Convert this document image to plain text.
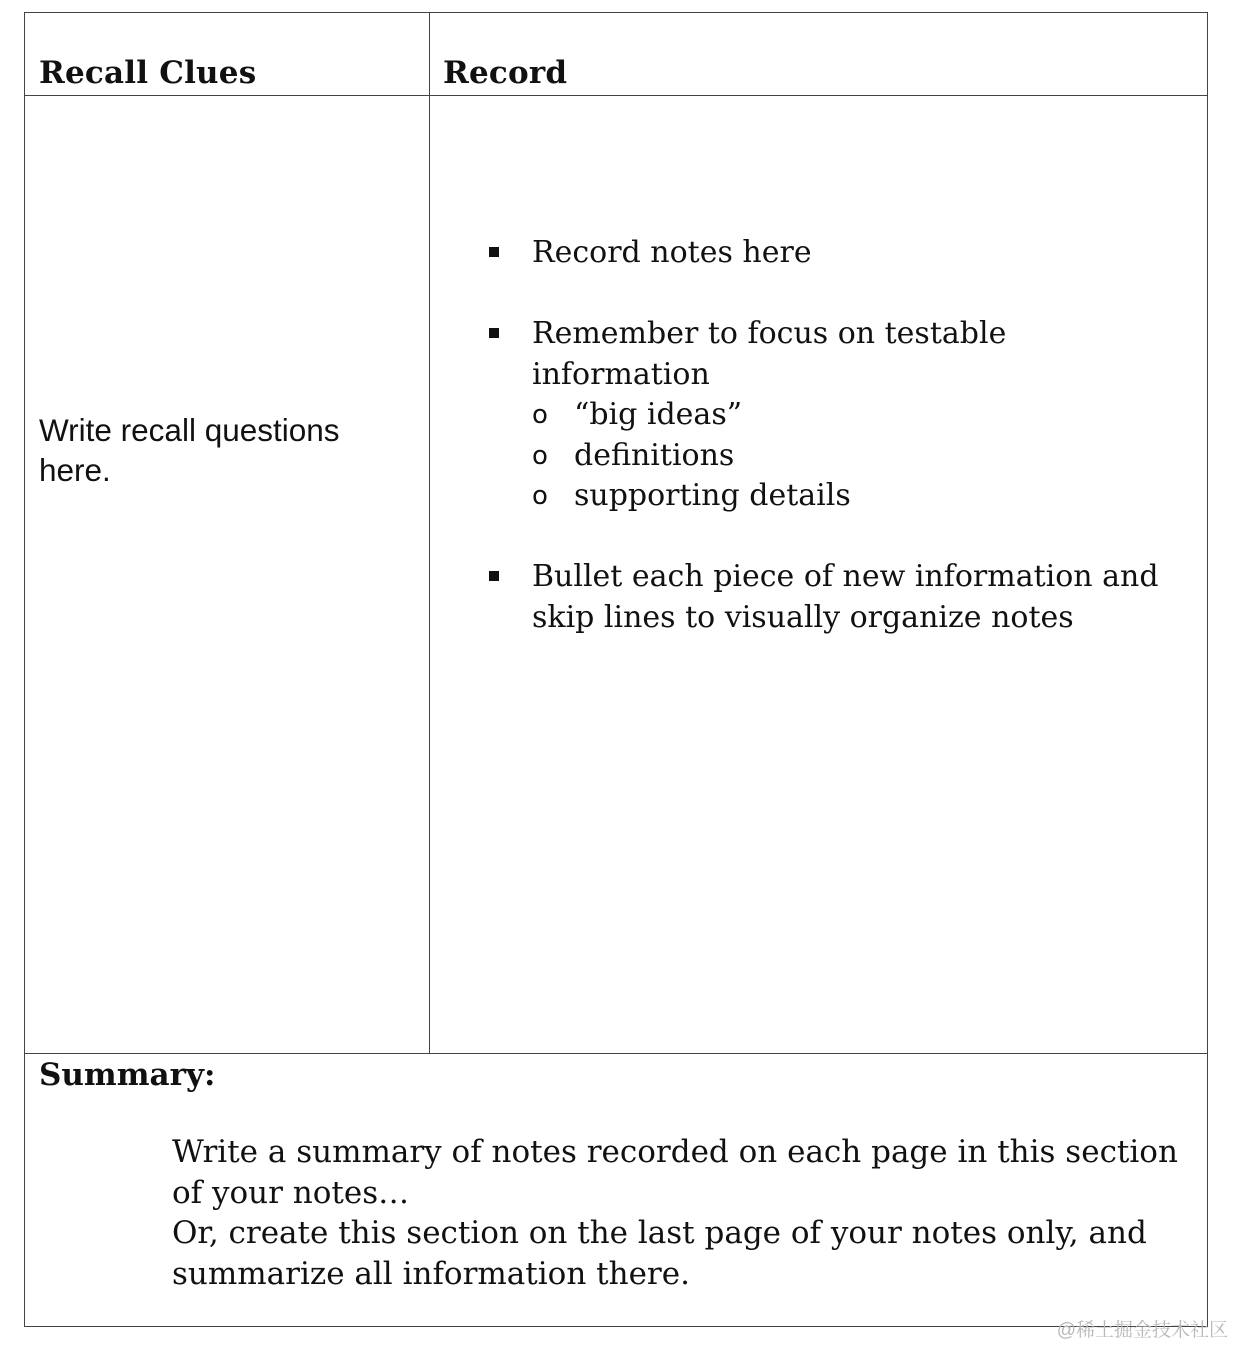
Recall Clues	Record
Write recall questions here.
Record notes here
Remember to focus on testable information
o “big ideas”
o definitions
o supporting details
Bullet each piece of new information and skip lines to visually organize notes
Summary:
Write a summary of notes recorded on each page in this section of your notes…
Or, create this section on the last page of your notes only, and summarize all information there.
@稀土掘金技术社区
